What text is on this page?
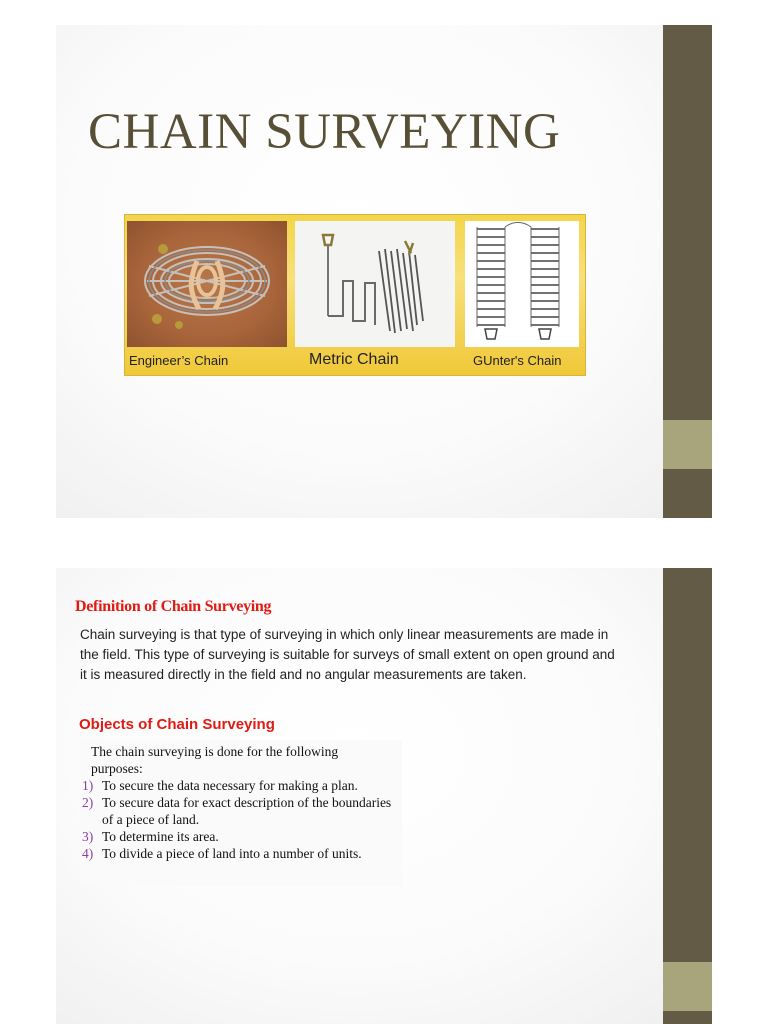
CHAIN SURVEYING
Engineer’s Chain	Metric Chain	GUnter's Chain
Definition of Chain Surveying

Chain surveying is that type of surveying in which only linear measurements are made in the field. This type of surveying is suitable for surveys of small extent on open ground and it is measured directly in the field and no angular measurements are taken.

Objects of Chain Surveying

The chain surveying is done for the following purposes:

1) To secure the data necessary for making a plan.
2) To secure data for exact description of the boundaries of a piece of land.
3) To determine its area.
4) To divide a piece of land into a number of units.
